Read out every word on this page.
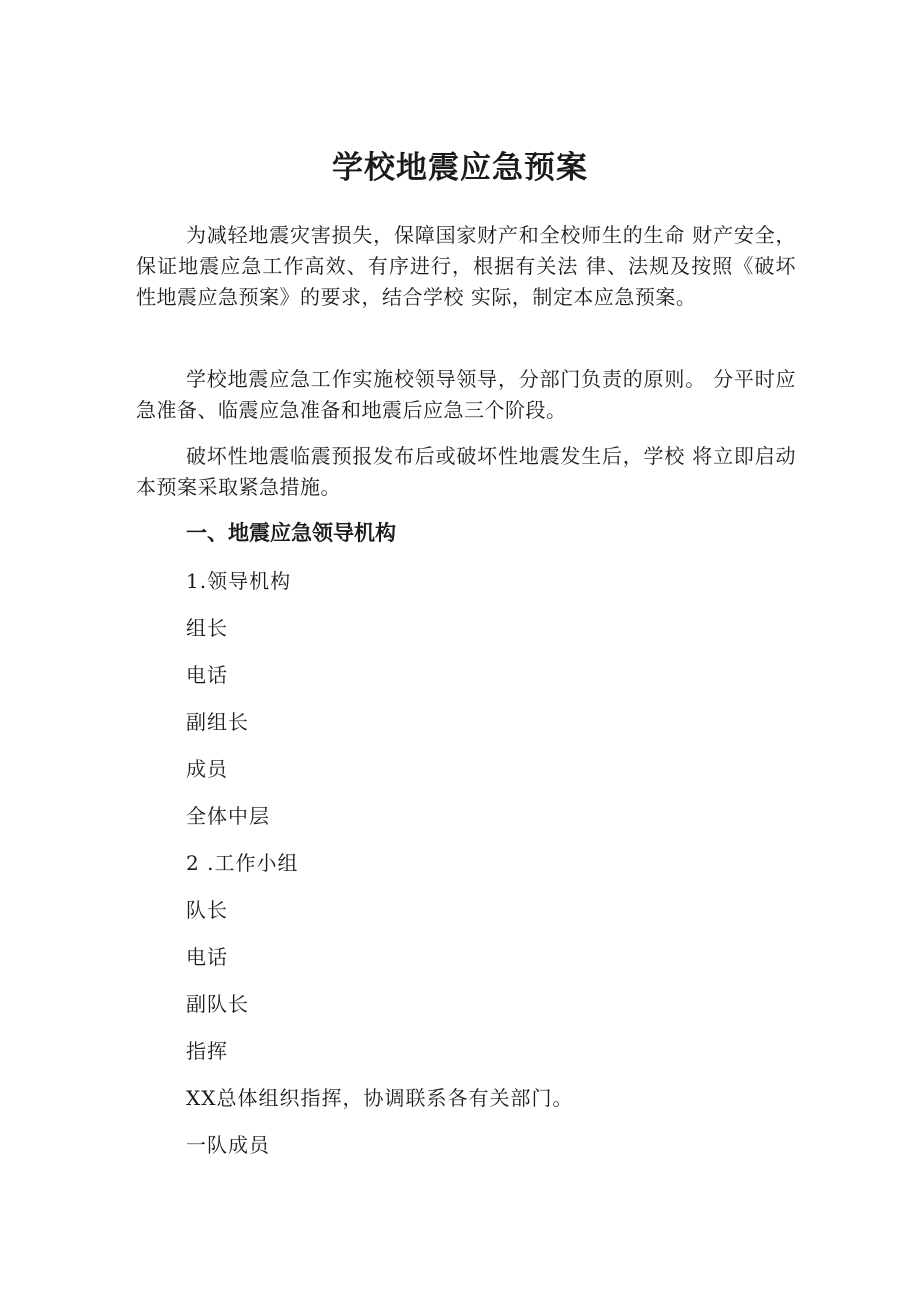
学校地震应急预案
为减轻地震灾害损失，保障国家财产和全校师生的生命 财产安全，保证地震应急工作高效、有序进行，根据有关法 律、法规及按照《破坏性地震应急预案》的要求，结合学校 实际，制定本应急预案。
学校地震应急工作实施校领导领导，分部门负责的原则。 分平时应急准备、临震应急准备和地震后应急三个阶段。
破坏性地震临震预报发布后或破坏性地震发生后，学校 将立即启动本预案采取紧急措施。
一、地震应急领导机构
1.领导机构
组长
电话
副组长
成员
全体中层
2 .工作小组
队长
电话
副队长
指挥
XX总体组织指挥，协调联系各有关部门。
一队成员
